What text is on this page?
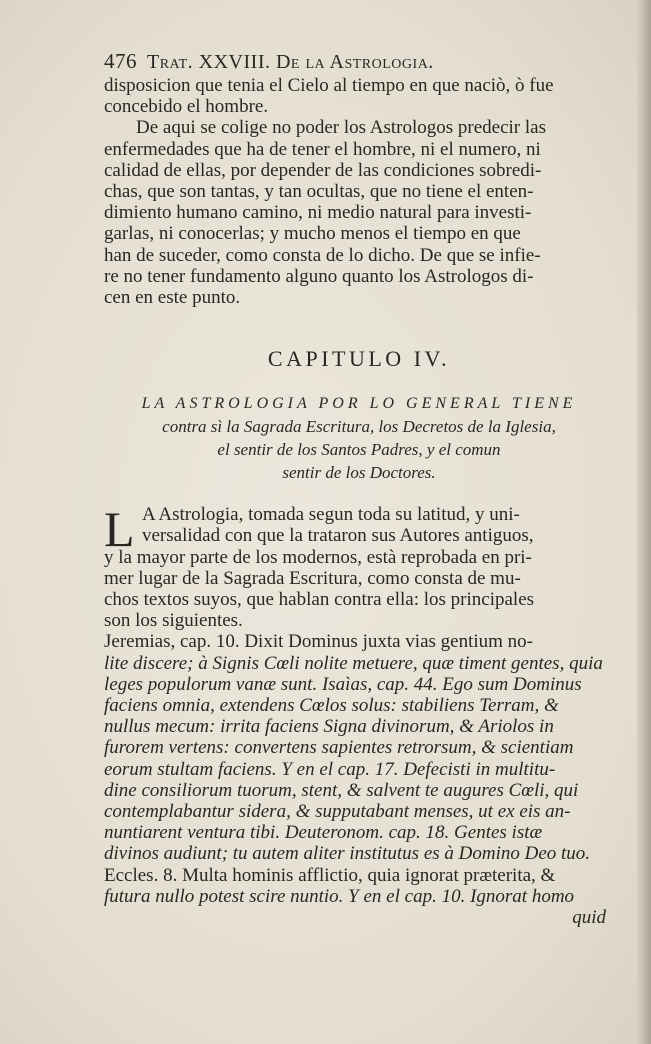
476 Trat. XXVIII. De la Astrologia.
disposicion que tenia el Cielo al tiempo en que naciò, ò fue
concebido el hombre.
De aqui se colige no poder los Astrologos predecir las
enfermedades que ha de tener el hombre, ni el numero, ni
calidad de ellas, por depender de las condiciones sobredi-
chas, que son tantas, y tan ocultas, que no tiene el enten-
dimiento humano camino, ni medio natural para investi-
garlas, ni conocerlas; y mucho menos el tiempo en que
han de suceder, como consta de lo dicho. De que se infie-
re no tener fundamento alguno quanto los Astrologos di-
cen en este punto.
CAPITULO IV.
LA ASTROLOGIA POR LO GENERAL TIENE
contra sì la Sagrada Escritura, los Decretos de la Iglesia,
el sentir de los Santos Padres, y el comun
sentir de los Doctores.
L A Astrologia, tomada segun toda su latitud, y uni-
versalidad con que la trataron sus Autores antiguos,
y la mayor parte de los modernos, està reprobada en pri-
mer lugar de la Sagrada Escritura, como consta de mu-
chos textos suyos, que hablan contra ella: los principales
son los siguientes.
Jeremias, cap. 10. Dixit Dominus juxta vias gentium no-
lite discere; à Signis Cœli nolite metuere, quæ timent gentes, quia
leges populorum vanæ sunt. Isaìas, cap. 44. Ego sum Dominus
faciens omnia, extendens Cœlos solus: stabiliens Terram, &
nullus mecum: irrita faciens Signa divinorum, & Ariolos in
furorem vertens: convertens sapientes retrorsum, & scientiam
eorum stultam faciens. Y en el cap. 17. Defecisti in multitu-
dine consiliorum tuorum, stent, & salvent te augures Cœli, qui
contemplabantur sidera, & supputabant menses, ut ex eis an-
nuntiarent ventura tibi. Deuteronom. cap. 18. Gentes istæ
divinos audiunt; tu autem aliter institutus es à Domino Deo tuo.
Eccles. 8. Multa hominis afflictio, quia ignorat præterita, &
futura nullo potest scire nuntio. Y en el cap. 10. Ignorat homo
quid
